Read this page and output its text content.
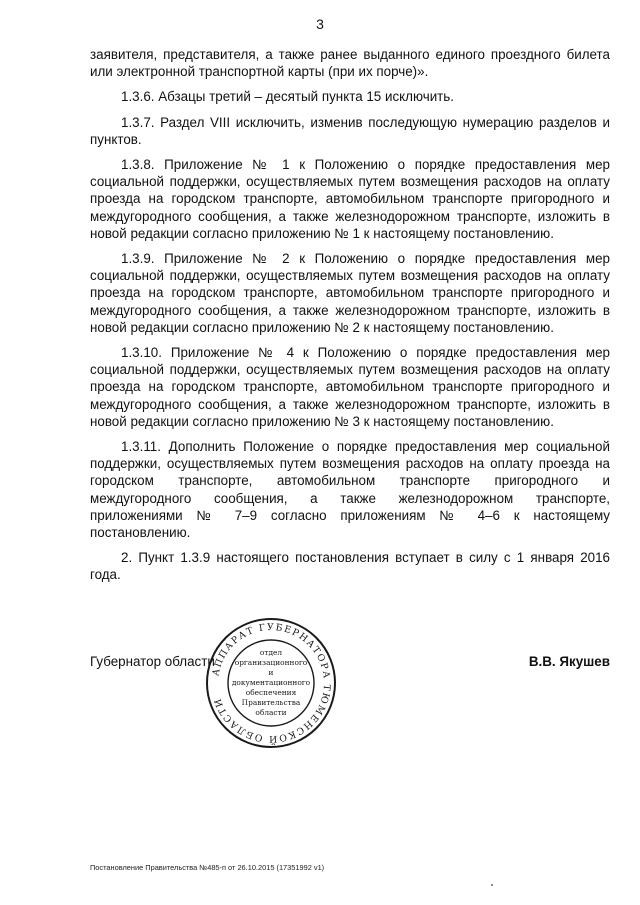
3

заявителя, представителя, а также ранее выданного единого проездного билета или электронной транспортной карты (при их порче)».

1.3.6. Абзацы третий – десятый пункта 15 исключить.

1.3.7. Раздел VIII исключить, изменив последующую нумерацию разделов и пунктов.

1.3.8. Приложение № 1 к Положению о порядке предоставления мер социальной поддержки, осуществляемых путем возмещения расходов на оплату проезда на городском транспорте, автомобильном транспорте пригородного и междугородного сообщения, а также железнодорожном транспорте, изложить в новой редакции согласно приложению № 1 к настоящему постановлению.

1.3.9. Приложение № 2 к Положению о порядке предоставления мер социальной поддержки, осуществляемых путем возмещения расходов на оплату проезда на городском транспорте, автомобильном транспорте пригородного и междугородного сообщения, а также железнодорожном транспорте, изложить в новой редакции согласно приложению № 2 к настоящему постановлению.

1.3.10. Приложение № 4 к Положению о порядке предоставления мер социальной поддержки, осуществляемых путем возмещения расходов на оплату проезда на городском транспорте, автомобильном транспорте пригородного и междугородного сообщения, а также железнодорожном транспорте, изложить в новой редакции согласно приложению № 3 к настоящему постановлению.

1.3.11. Дополнить Положение о порядке предоставления мер социальной поддержки, осуществляемых путем возмещения расходов на оплату проезда на городском транспорте, автомобильном транспорте пригородного и междугородного сообщения, а также железнодорожном транспорте, приложениями № 7–9 согласно приложениям № 4–6 к настоящему постановлению.

2. Пункт 1.3.9 настоящего постановления вступает в силу с 1 января 2016 года.

Губернатор области	В.В. Якушев
АППАРАТ ГУБЕРНАТОРА ТЮМЕНСКОЙ ОБЛАСТИ
отдел
организационного
и
документационного
обеспечения
Правительства
области
Постановление Правительства №485-п от 26.10.2015 (17351992 v1)
